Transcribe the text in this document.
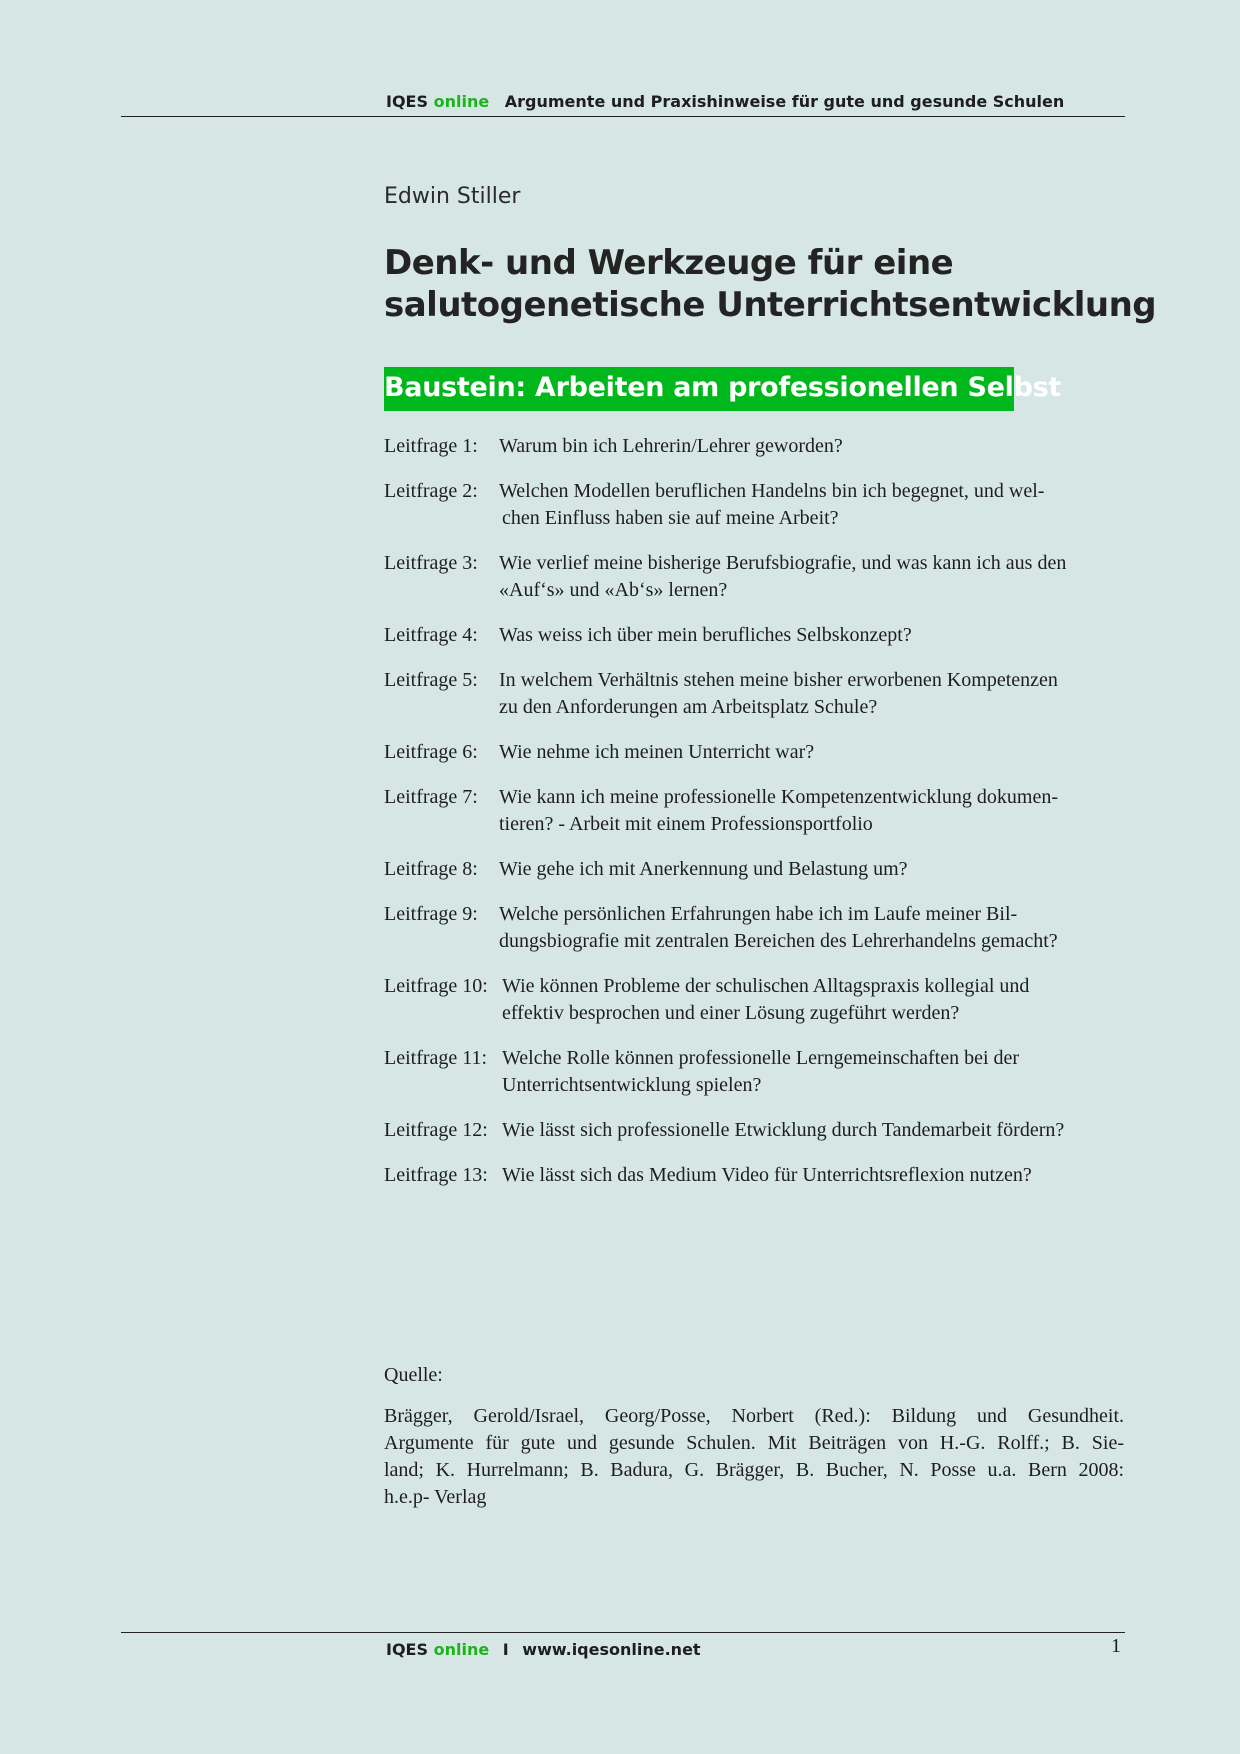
IQES online Argumente und Praxishinweise für gute und gesunde Schulen
Edwin Stiller
Denk- und Werkzeuge für eine
salutogenetische Unterrichtsentwicklung
Baustein: Arbeiten am professionellen Selbst
Leitfrage 1:	Warum bin ich Lehrerin/Lehrer geworden?
Leitfrage 2:	Welchen Modellen beruflichen Handelns bin ich begegnet, und wel-
chen Einfluss haben sie auf meine Arbeit?
Leitfrage 3:	Wie verlief meine bisherige Berufsbiografie, und was kann ich aus den
«Auf‘s» und «Ab‘s» lernen?
Leitfrage 4:	Was weiss ich über mein berufliches Selbskonzept?
Leitfrage 5:	In welchem Verhältnis stehen meine bisher erworbenen Kompetenzen
zu den Anforderungen am Arbeitsplatz Schule?
Leitfrage 6:	Wie nehme ich meinen Unterricht war?
Leitfrage 7:	Wie kann ich meine professionelle Kompetenzentwicklung dokumen-
tieren? - Arbeit mit einem Professionsportfolio
Leitfrage 8:	Wie gehe ich mit Anerkennung und Belastung um?
Leitfrage 9:	Welche persönlichen Erfahrungen habe ich im Laufe meiner Bil-
dungsbiografie mit zentralen Bereichen des Lehrerhandelns gemacht?
Leitfrage 10: Wie können Probleme der schulischen Alltagspraxis kollegial und
effektiv besprochen und einer Lösung zugeführt werden?
Leitfrage 11: Welche Rolle können professionelle Lerngemeinschaften bei der
Unterrichtsentwicklung spielen?
Leitfrage 12: Wie lässt sich professionelle Etwicklung durch Tandemarbeit fördern?
Leitfrage 13: Wie lässt sich das Medium Video für Unterrichtsreflexion nutzen?
Quelle:
Brägger, Gerold/Israel, Georg/Posse, Norbert (Red.): Bildung und Gesundheit.
Argumente für gute und gesunde Schulen. Mit Beiträgen von H.-G. Rolff.; B. Sie-
land; K. Hurrelmann; B. Badura, G. Brägger, B. Bucher, N. Posse u.a. Bern 2008:
h.e.p- Verlag
IQES online I www.iqesonline.net	1
